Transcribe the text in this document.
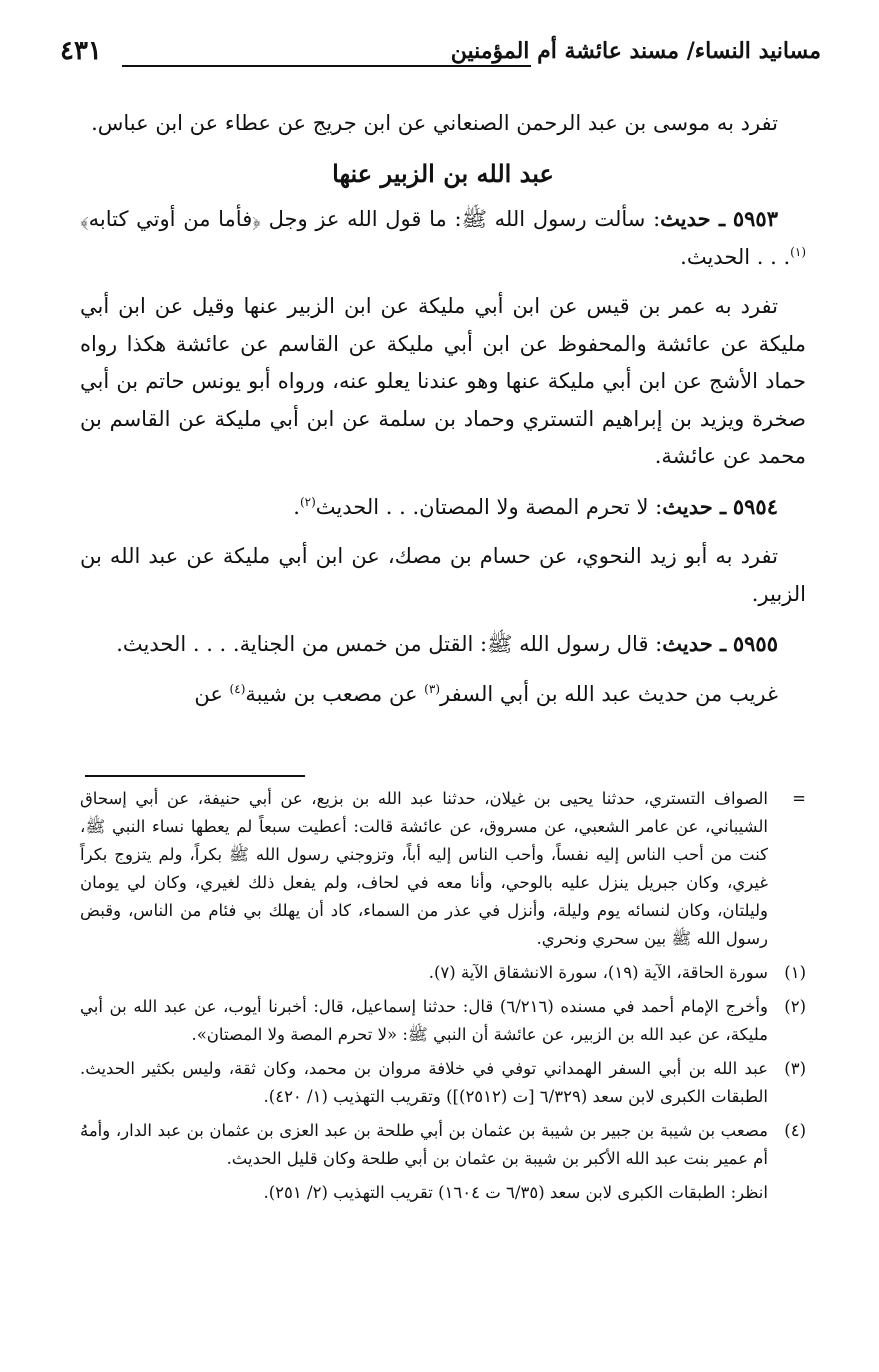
مسانيد النساء/ مسند عائشة أم المؤمنين
٤٣١

تفرد به موسى بن عبد الرحمن الصنعاني عن ابن جريج عن عطاء عن ابن عباس.

عبد الله بن الزبير عنها

٥٩٥٣ ـ حديث: سألت رسول الله ﷺ: ما قول الله عز وجل ﴿فأما من أوتي كتابه﴾$^{(١)}$. . . الحديث.

تفرد به عمر بن قيس عن ابن أبي مليكة عن ابن الزبير عنها وقيل عن ابن أبي مليكة عن عائشة والمحفوظ عن ابن أبي مليكة عن القاسم عن عائشة هكذا رواه حماد الأشج عن ابن أبي مليكة عنها وهو عندنا يعلو عنه، ورواه أبو يونس حاتم بن أبي صخرة ويزيد بن إبراهيم التستري وحماد بن سلمة عن ابن أبي مليكة عن القاسم بن محمد عن عائشة.

٥٩٥٤ ـ حديث: لا تحرم المصة ولا المصتان. . . الحديث$^{(٢)}$.

تفرد به أبو زيد النحوي، عن حسام بن مصك، عن ابن أبي مليكة عن عبد الله بن الزبير.

٥٩٥٥ ـ حديث: قال رسول الله ﷺ: القتل من خمس من الجناية. . . . الحديث.

غريب من حديث عبد الله بن أبي السفر$^{(٣)}$ عن مصعب بن شيبة$^{(٤)}$ عن

=
الصواف التستري، حدثنا يحيى بن غيلان، حدثنا عبد الله بن بزيع، عن أبي حنيفة، عن أبي إسحاق الشيباني، عن عامر الشعبي، عن مسروق، عن عائشة قالت: أعطيت سبعاً لم يعطها نساء النبي ﷺ، كنت من أحب الناس إليه نفساً، وأحب الناس إليه أباً، وتزوجني رسول الله ﷺ بكراً، ولم يتزوج بكراً غيري، وكان جبريل ينزل عليه بالوحي، وأنا معه في لحاف، ولم يفعل ذلك لغيري، وكان لي يومان وليلتان، وكان لنسائه يوم وليلة، وأنزل في عذر من السماء، كاد أن يهلك بي فئام من الناس، وقبض رسول الله ﷺ بين سحري ونحري.
(١)
سورة الحاقة، الآية (١٩)، سورة الانشقاق الآية (٧).
(٢)
وأخرج الإمام أحمد في مسنده (٦/٢١٦) قال: حدثنا إسماعيل، قال: أخبرنا أيوب، عن عبد الله بن أبي مليكة، عن عبد الله بن الزبير، عن عائشة أن النبي ﷺ: «لا تحرم المصة ولا المصتان».
(٣)
عبد الله بن أبي السفر الهمداني توفي في خلافة مروان بن محمد، وكان ثقة، وليس بكثير الحديث. الطبقات الكبرى لابن سعد (٦/٣٢٩ [ت (٢٥١٢)]) وتقريب التهذيب (١/ ٤٢٠).
(٤)
مصعب بن شيبة بن جبير بن شيبة بن عثمان بن أبي طلحة بن عبد العزى بن عثمان بن عبد الدار، وأمهُ أم عمير بنت عبد الله الأكبر بن شيبة بن عثمان بن أبي طلحة وكان قليل الحديث.
انظر: الطبقات الكبرى لابن سعد (٦/٣٥ ت ١٦٠٤) تقريب التهذيب (٢/ ٢٥١).
